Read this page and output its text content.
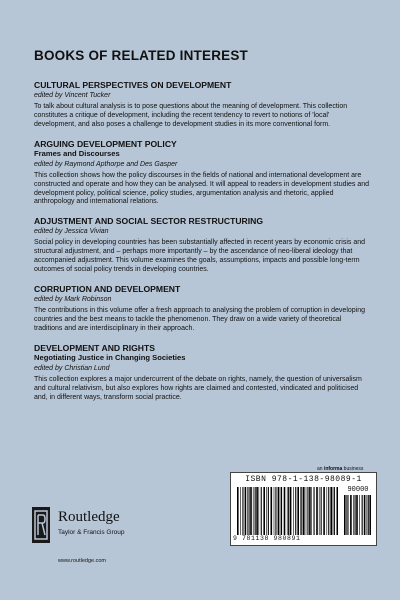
BOOKS OF RELATED INTEREST

CULTURAL PERSPECTIVES ON DEVELOPMENT

edited by Vincent Tucker

To talk about cultural analysis is to pose questions about the meaning of development. This collection constitutes a critique of development, including the recent tendency to revert to notions of 'local' development, and also poses a challenge to development studies in its more conventional form.

ARGUING DEVELOPMENT POLICY

Frames and Discourses

edited by Raymond Apthorpe and Des Gasper

This collection shows how the policy discourses in the fields of national and international development are constructed and operate and how they can be analysed. It will appeal to readers in development studies and development policy, political science, policy studies, argumentation analysis and rhetoric, applied anthropology and international relations.

ADJUSTMENT AND SOCIAL SECTOR RESTRUCTURING

edited by Jessica Vivian

Social policy in developing countries has been substantially affected in recent years by economic crisis and structural adjustment, and – perhaps more importantly – by the ascendance of neo-liberal ideology that accompanied adjustment. This volume examines the goals, assumptions, impacts and possible long-term outcomes of social policy trends in developing countries.

CORRUPTION AND DEVELOPMENT

edited by Mark Robinson

The contributions in this volume offer a fresh approach to analysing the problem of corruption in developing countries and the best means to tackle the phenomenon. They draw on a wide variety of theoretical traditions and are interdisciplinary in their approach.

DEVELOPMENT AND RIGHTS

Negotiating Justice in Changing Societies

edited by Christian Lund

This collection explores a major undercurrent of the debate on rights, namely, the question of universalism and cultural relativism, but also explores how rights are claimed and contested, vindicated and politicised and, in different ways, transform social practice.

an informa business
ISBN 978-1-138-98089-1
90000
9 781138 980891
Routledge
Taylor & Francis Group
www.routledge.com
